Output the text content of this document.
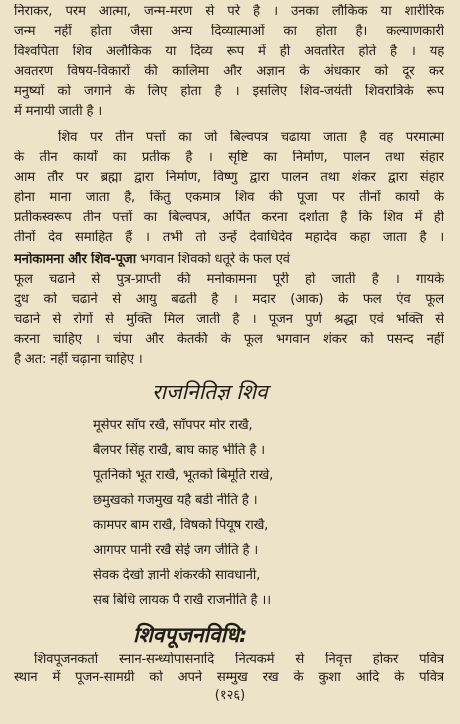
निराकर, परम आत्मा, जन्म-मरण से परे है । उनका लौकिक या शारीरिक
जन्म नहीं होता जैसा अन्य दिव्यात्माओं का होता है। कल्याणकारी
विश्वपिता शिव अलौकिक या दिव्य रूप में ही अवतरित होते है । यह
अवतरण विषय-विकारों की कालिमा और अज्ञान के अंधकार को दूर कर
मनुष्यों को जगाने के लिए होता है । इसलिए शिव-जयंती शिवरात्रिके रूप
में मनायी जाती है ।
शिव पर तीन पत्तों का जो बिल्वपत्र चढाया जाता है वह परमात्मा
के तीन कार्यों का प्रतीक है । सृष्टि का निर्माण, पालन तथा संहार
आम तौर पर ब्रह्मा द्वारा निर्माण, विष्णु द्वारा पालन तथा शंकर द्वारा संहार
होना माना जाता है, किंतु एकमात्र शिव की पूजा पर तीनों कार्यो के
प्रतीकस्वरूप तीन पत्तों का बिल्वपत्र, अर्पित करना दर्शाता है कि शिव में ही
तीनों देव समाहित हैं । तभी तो उन्हें देवाधिदेव महादेव कहा जाता है ।
मनोकामना और शिव-पूजा भगवान शिवको धतूरे के फल एवं
फूल चढाने से पुत्र-प्राप्ती की मनोकामना पूरी हो जाती है । गायके
दुध को चढाने से आयु बढती है । मदार (आक) के फल एंव फूल
चढाने से रोगों से मुक्ति मिल जाती है । पूजन पुर्ण श्रद्धा एवं भक्ति से
करना चाहिए । चंपा और केतकी के फूल भगवान शंकर को पसन्द नहीं
है अत: नहीं चढ़ाना चाहिए ।
राजनितिज्ञ शिव
मूसेपर साँप रखै, साँपपर मोर राखै,
बैलपर सिंह राखै, बाघ काह भीति है ।
पूतनिको भूत राखै, भूतको बिमूति राखे,
छमुखको गजमुख यहै बडी नीति है ।
कामपर बाम राखै, विषको पियूष राखै,
आगपर पानी रखै सेई जग जीति है ।
सेवक देखो ज्ञानी शंकरकी सावधानी,
सब बिधि लायक पै राखै राजनीति है ।।
शिवपूजनविधि:
शिवपूजनकर्ता स्नान-सन्ध्योपासनादि नित्यकर्म से निवृत्त होकर पवित्र
स्थान में पूजन-सामग्री को अपने सम्मुख रख के कुशा आदि के पवित्र
(१२६)
